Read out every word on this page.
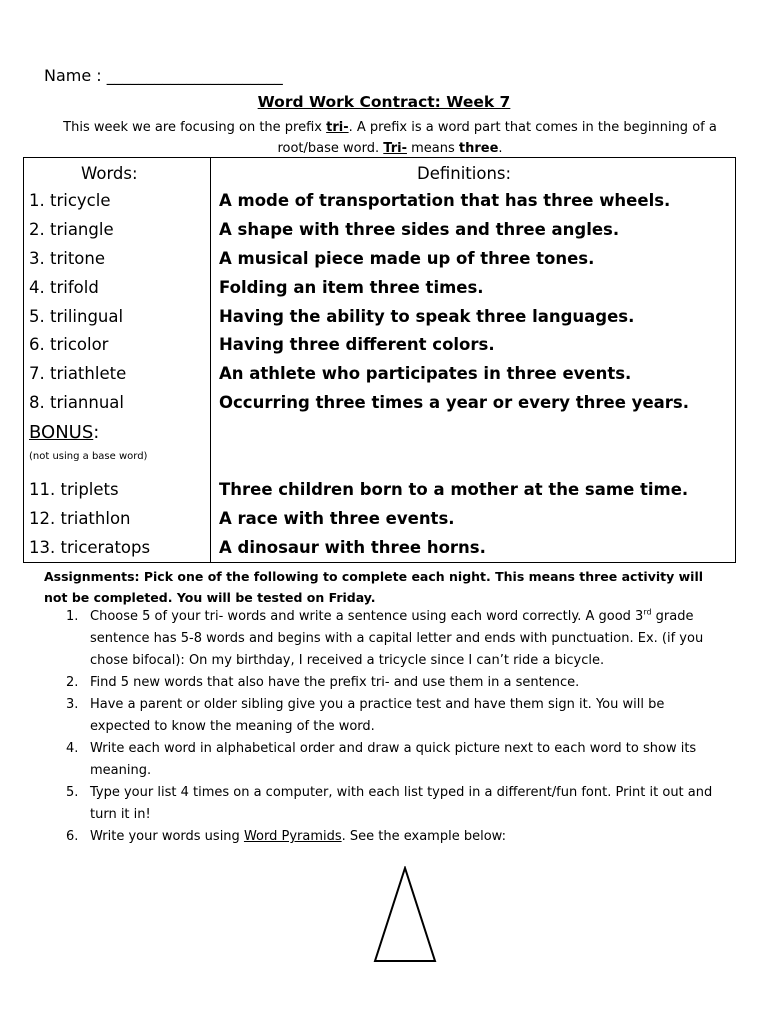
Name : ______________________
Word Work Contract: Week 7
This week we are focusing on the prefix tri-. A prefix is a word part that comes in the beginning of a root/base word. Tri- means three.
Words:	Definitions:
1. tricycle	A mode of transportation that has three wheels.
2. triangle	A shape with three sides and three angles.
3. tritone	A musical piece made up of three tones.
4. trifold	Folding an item three times.
5. trilingual	Having the ability to speak three languages.
6. tricolor	Having three different colors.
7. triathlete	An athlete who participates in three events.
8. triannual	Occurring three times a year or every three years.
BONUS:
(not using a base word)
11. triplets	Three children born to a mother at the same time.
12. triathlon	A race with three events.
13. triceratops	A dinosaur with three horns.
Assignments: Pick one of the following to complete each night. This means three activity will not be completed. You will be tested on Friday.
1. Choose 5 of your tri- words and write a sentence using each word correctly. A good 3rd grade sentence has 5-8 words and begins with a capital letter and ends with punctuation. Ex. (if you chose bifocal): On my birthday, I received a tricycle since I can’t ride a bicycle.
2. Find 5 new words that also have the prefix tri- and use them in a sentence.
3. Have a parent or older sibling give you a practice test and have them sign it. You will be expected to know the meaning of the word.
4. Write each word in alphabetical order and draw a quick picture next to each word to show its meaning.
5. Type your list 4 times on a computer, with each list typed in a different/fun font. Print it out and turn it in!
6. Write your words using Word Pyramids. See the example below:
